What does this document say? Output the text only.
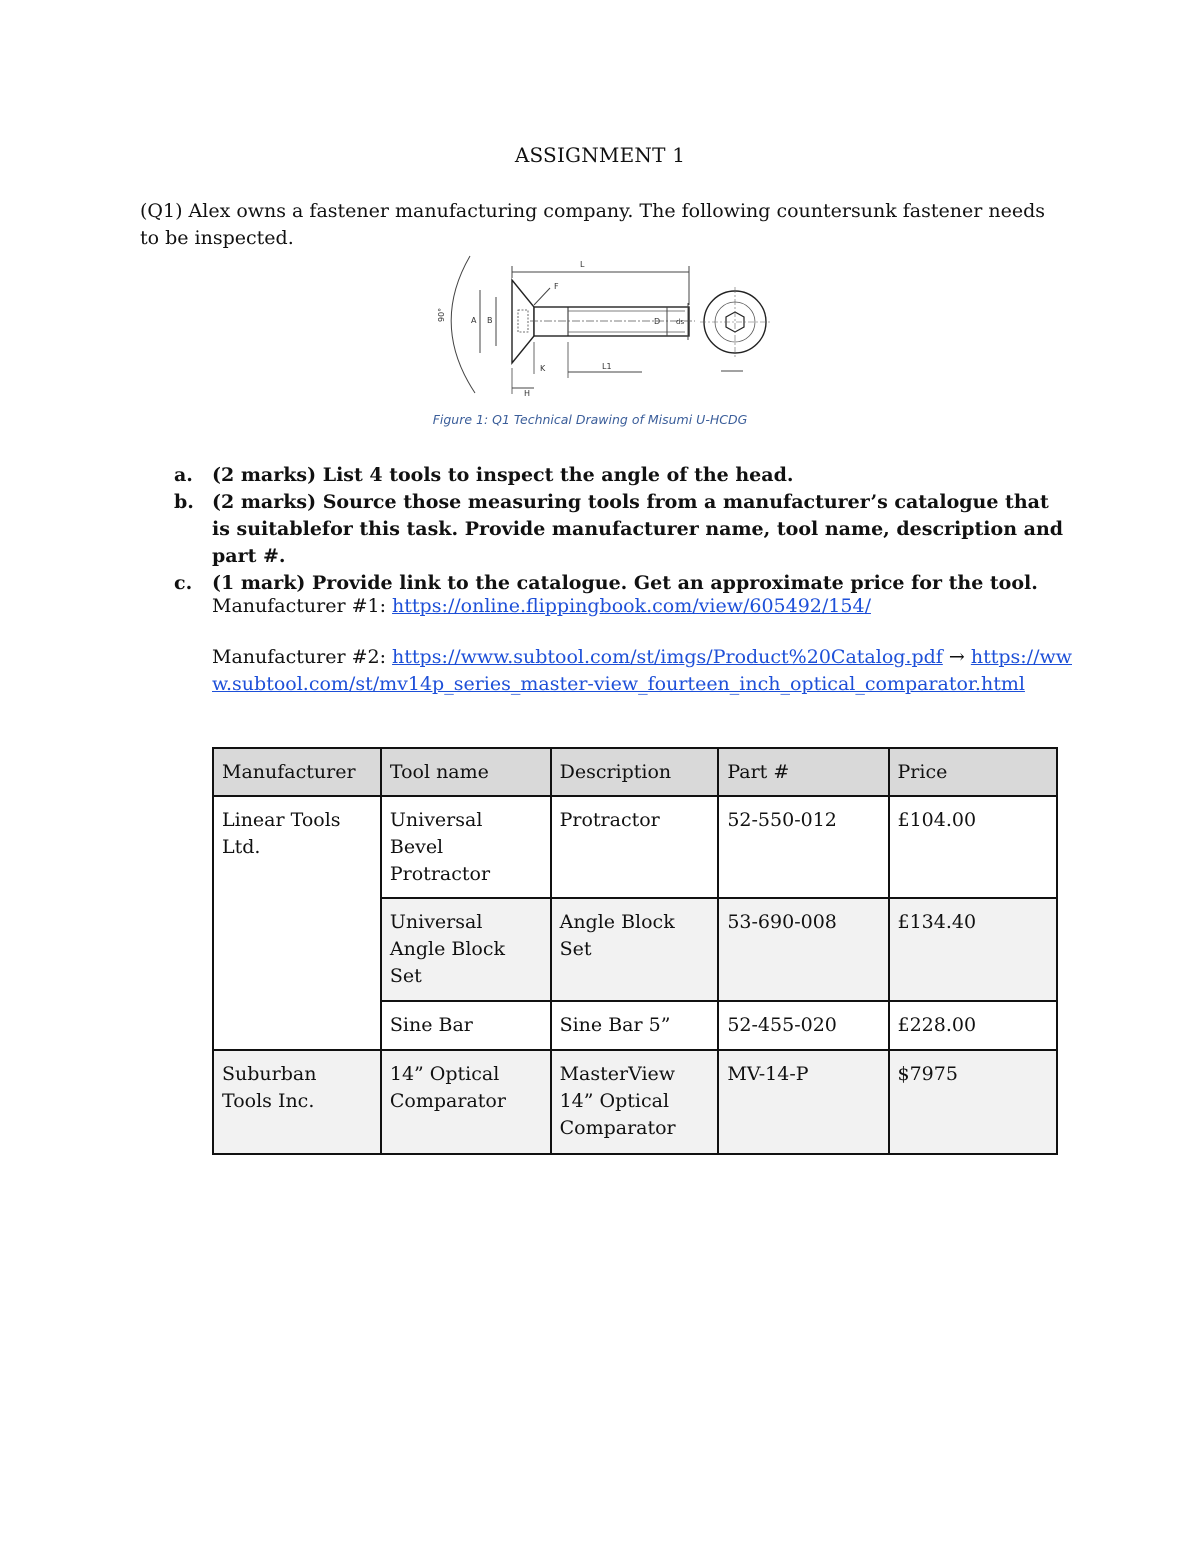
ASSIGNMENT 1
(Q1) Alex owns a fastener manufacturing company. The following countersunk fastener needs to be inspected.
90°	A B
L
F
D ds
K
H
L1
Figure 1: Q1 Technical Drawing of Misumi U-HCDG
a. (2 marks) List 4 tools to inspect the angle of the head.
b. (2 marks) Source those measuring tools from a manufacturer’s catalogue that is suitablefor this task. Provide manufacturer name, tool name, description and part #.
c. (1 mark) Provide link to the catalogue. Get an approximate price for the tool.
Manufacturer #1: https://online.flippingbook.com/view/605492/154/
Manufacturer #2: https://www.subtool.com/st/imgs/Product%20Catalog.pdf → https://www.subtool.com/st/mv14p_series_master-view_fourteen_inch_optical_comparator.html
Manufacturer	Tool name	Description	Part #	Price
Linear Tools Ltd.	Universal Bevel Protractor	Protractor	52-550-012	£104.00
	Universal Angle Block Set	Angle Block Set	53-690-008	£134.40
	Sine Bar	Sine Bar 5”	52-455-020	£228.00
Suburban Tools Inc.	14” Optical Comparator	MasterView 14” Optical Comparator	MV-14-P	$7975
